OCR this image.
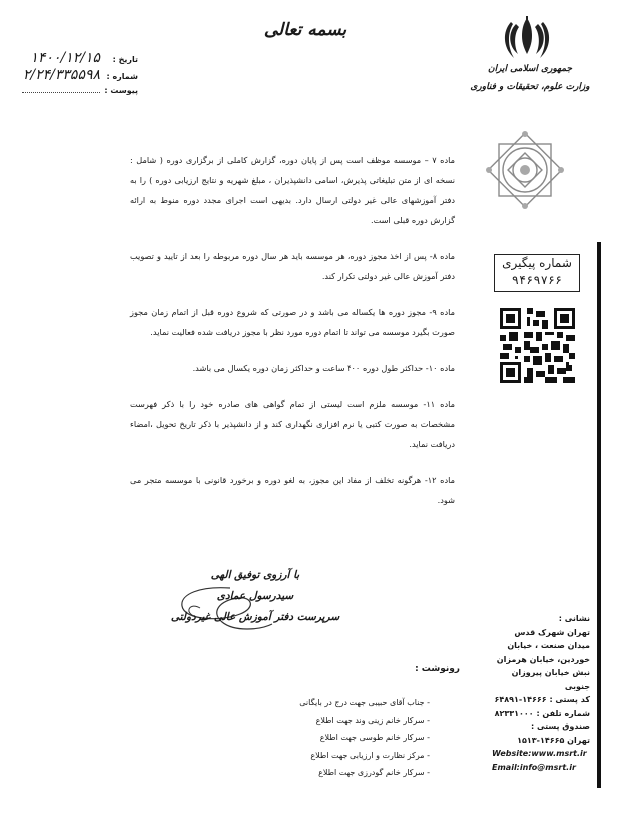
بسمه تعالی
تاریخ :
۱۴۰۰/۱۲/۱۵
شماره :
۲/۲۴/۳۳۵۵۹۸
پیوست :
جمهوری اسلامی ایران
وزارت علوم، تحقیقات و فناوری
ماده ۷ – موسسه موظف است پس از پایان دوره، گزارش کاملی از برگزاری دوره ( شامل : نسخه ای از متن تبلیغاتی پذیرش، اسامی دانشپذیران ، مبلغ شهریه و نتایج ارزیابی دوره ) را به دفتر آموزشهای عالی غیر دولتی ارسال دارد. بدیهی است اجرای مجدد دوره منوط به ارائه گزارش دوره قبلی است.
ماده ۸- پس از اخذ مجوز دوره، هر موسسه باید هر سال دوره مربوطه را بعد از تایید و تصویب دفتر آموزش عالی غیر دولتی تکرار کند.
ماده ۹- مجوز دوره ها یکساله می باشد و در صورتی که شروع دوره قبل از اتمام زمان مجوز صورت بگیرد موسسه می تواند تا اتمام دوره مورد نظر با مجوز دریافت شده فعالیت نماید.
ماده ۱۰- حداکثر طول دوره ۴۰۰ ساعت و حداکثر زمان دوره یکسال می باشد.
ماده ۱۱- موسسه ملزم است لیستی از تمام گواهی های صادره خود را با ذکر فهرست مشخصات به صورت کتبی یا نرم افزاری نگهداری کند و از دانشپذیر با ذکر تاریخ تحویل ،امضاء دریافت نماید.
ماده ۱۲- هرگونه تخلف از مفاد این مجوز، به لغو دوره و برخورد قانونی با موسسه متجر می شود.
شماره پیگیری
۹۴۶۹۷۶۶
با آرزوی توفیق الهی
سیدرسول عمادی
سرپرست دفتر آموزش عالی غیردولتی
رونوشت :
- جناب آقای حبیبی جهت درج در بایگانی
- سرکار خانم زینی وند جهت اطلاع
- سرکار خانم طوسی جهت اطلاع
- مرکز نظارت و ارزیابی جهت اطلاع
- سرکار خانم گودرزی جهت اطلاع
نشانی :
تهران شهرک قدس
میدان صنعت ، خیابان
خوردین، خیابان هرمزان
نبش خیابان پیروزان جنوبی
کد پستی : ۱۴۶۶۶-۶۴۸۹۱
شماره تلفن : ۸۲۳۳۱۰۰۰
صندوق پستی :
تهران ۱۴۶۶۵-۱۵۱۳
Website:www.msrt.ir
Email:info@msrt.ir
